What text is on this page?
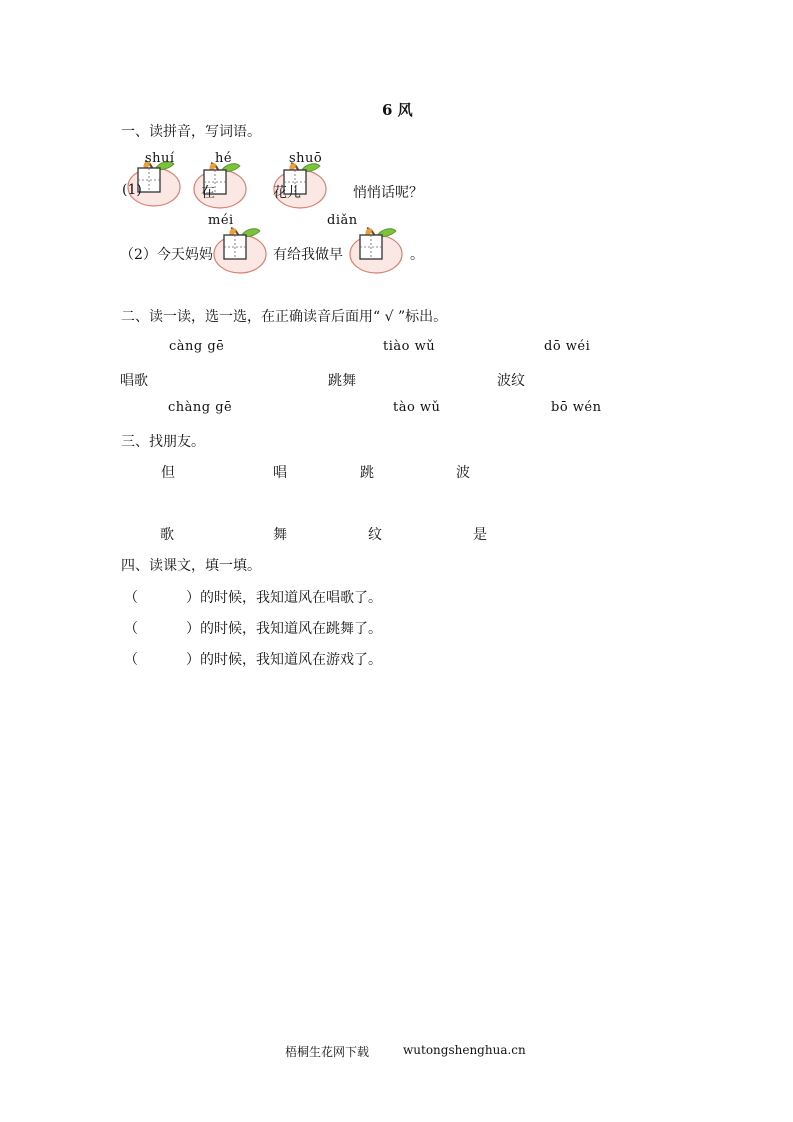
6 风
一、读拼音，写词语。
shuí	hé	shuō
(1)	在	花儿	悄悄话呢？
méi	diǎn
（2）今天妈妈	有给我做早	。
二、读一读，选一选，在正确读音后面用“ √ ”标出。
càng gē	tiào wǔ	dō wéi
唱歌	跳舞	波纹
chàng gē	tào wǔ	bō wén
三、找朋友。
但	唱	跳	波
歌	舞	纹	是
四、读课文，填一填。
（	）的时候，我知道风在唱歌了。
（	）的时候，我知道风在跳舞了。
（	）的时候，我知道风在游戏了。
梧桐生花网下载	wutongshenghua.cn
